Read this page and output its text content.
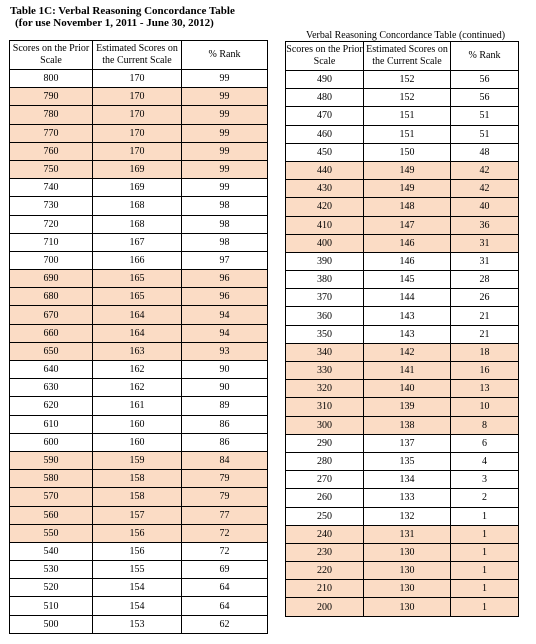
Table 1C: Verbal Reasoning Concordance Table
(for use November 1, 2011 - June 30, 2012)
Verbal Reasoning Concordance Table (continued)
Scores on the Prior Scale	Estimated Scores on the Current Scale	% Rank
800	170	99
790	170	99
780	170	99
770	170	99
760	170	99
750	169	99
740	169	99
730	168	98
720	168	98
710	167	98
700	166	97
690	165	96
680	165	96
670	164	94
660	164	94
650	163	93
640	162	90
630	162	90
620	161	89
610	160	86
600	160	86
590	159	84
580	158	79
570	158	79
560	157	77
550	156	72
540	156	72
530	155	69
520	154	64
510	154	64
500	153	62
Scores on the Prior Scale	Estimated Scores on the Current Scale	% Rank
490	152	56
480	152	56
470	151	51
460	151	51
450	150	48
440	149	42
430	149	42
420	148	40
410	147	36
400	146	31
390	146	31
380	145	28
370	144	26
360	143	21
350	143	21
340	142	18
330	141	16
320	140	13
310	139	10
300	138	8
290	137	6
280	135	4
270	134	3
260	133	2
250	132	1
240	131	1
230	130	1
220	130	1
210	130	1
200	130	1
